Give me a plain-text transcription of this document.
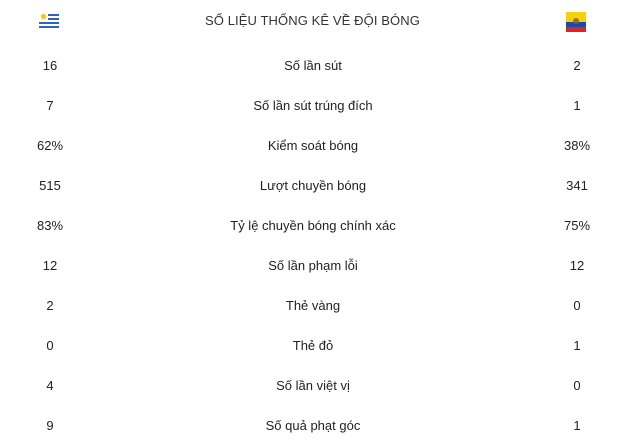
SỐ LIỆU THỐNG KÊ VỀ ĐỘI BÓNG
16	Số lần sút	2
7	Số lần sút trúng đích	1
62%	Kiểm soát bóng	38%
515	Lượt chuyền bóng	341
83%	Tỷ lệ chuyền bóng chính xác	75%
12	Số lần phạm lỗi	12
2	Thẻ vàng	0
0	Thẻ đỏ	1
4	Số lần việt vị	0
9	Số quả phạt góc	1
